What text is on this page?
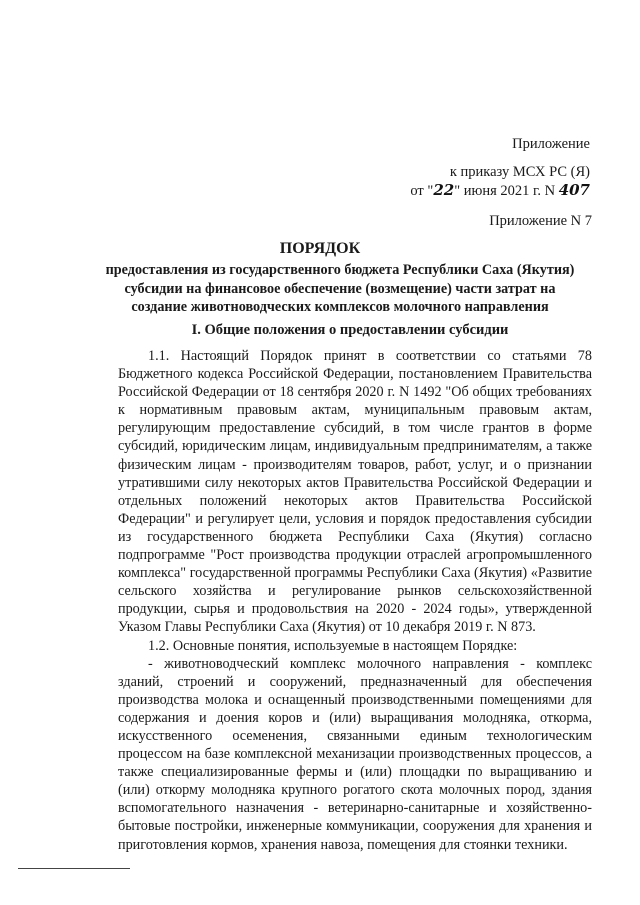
Приложение
к приказу МСХ РС (Я)
от "22" июня 2021 г. N 407
Приложение N 7
ПОРЯДОК
предоставления из государственного бюджета Республики Саха (Якутия) субсидии на финансовое обеспечение (возмещение) части затрат на создание животноводческих комплексов молочного направления
I. Общие положения о предоставлении субсидии

1.1. Настоящий Порядок принят в соответствии со статьями 78 Бюджетного кодекса Российской Федерации, постановлением Правительства Российской Федерации от 18 сентября 2020 г. N 1492 "Об общих требованиях к нормативным правовым актам, муниципальным правовым актам, регулирующим предоставление субсидий, в том числе грантов в форме субсидий, юридическим лицам, индивидуальным предпринимателям, а также физическим лицам - производителям товаров, работ, услуг, и о признании утратившими силу некоторых актов Правительства Российской Федерации и отдельных положений некоторых актов Правительства Российской Федерации" и регулирует цели, условия и порядок предоставления субсидии из государственного бюджета Республики Саха (Якутия) согласно подпрограмме "Рост производства продукции отраслей агропромышленного комплекса" государственной программы Республики Саха (Якутия) «Развитие сельского хозяйства и регулирование рынков сельскохозяйственной продукции, сырья и продовольствия на 2020 - 2024 годы», утвержденной Указом Главы Республики Саха (Якутия) от 10 декабря 2019 г. N 873.

1.2. Основные понятия, используемые в настоящем Порядке:

- животноводческий комплекс молочного направления - комплекс зданий, строений и сооружений, предназначенный для обеспечения производства молока и оснащенный производственными помещениями для содержания и доения коров и (или) выращивания молодняка, откорма, искусственного осеменения, связанными единым технологическим процессом на базе комплексной механизации производственных процессов, а также специализированные фермы и (или) площадки по выращиванию и (или) откорму молодняка крупного рогатого скота молочных пород, здания вспомогательного назначения - ветеринарно-санитарные и хозяйственно-бытовые постройки, инженерные коммуникации, сооружения для хранения и приготовления кормов, хранения навоза, помещения для стоянки техники.
